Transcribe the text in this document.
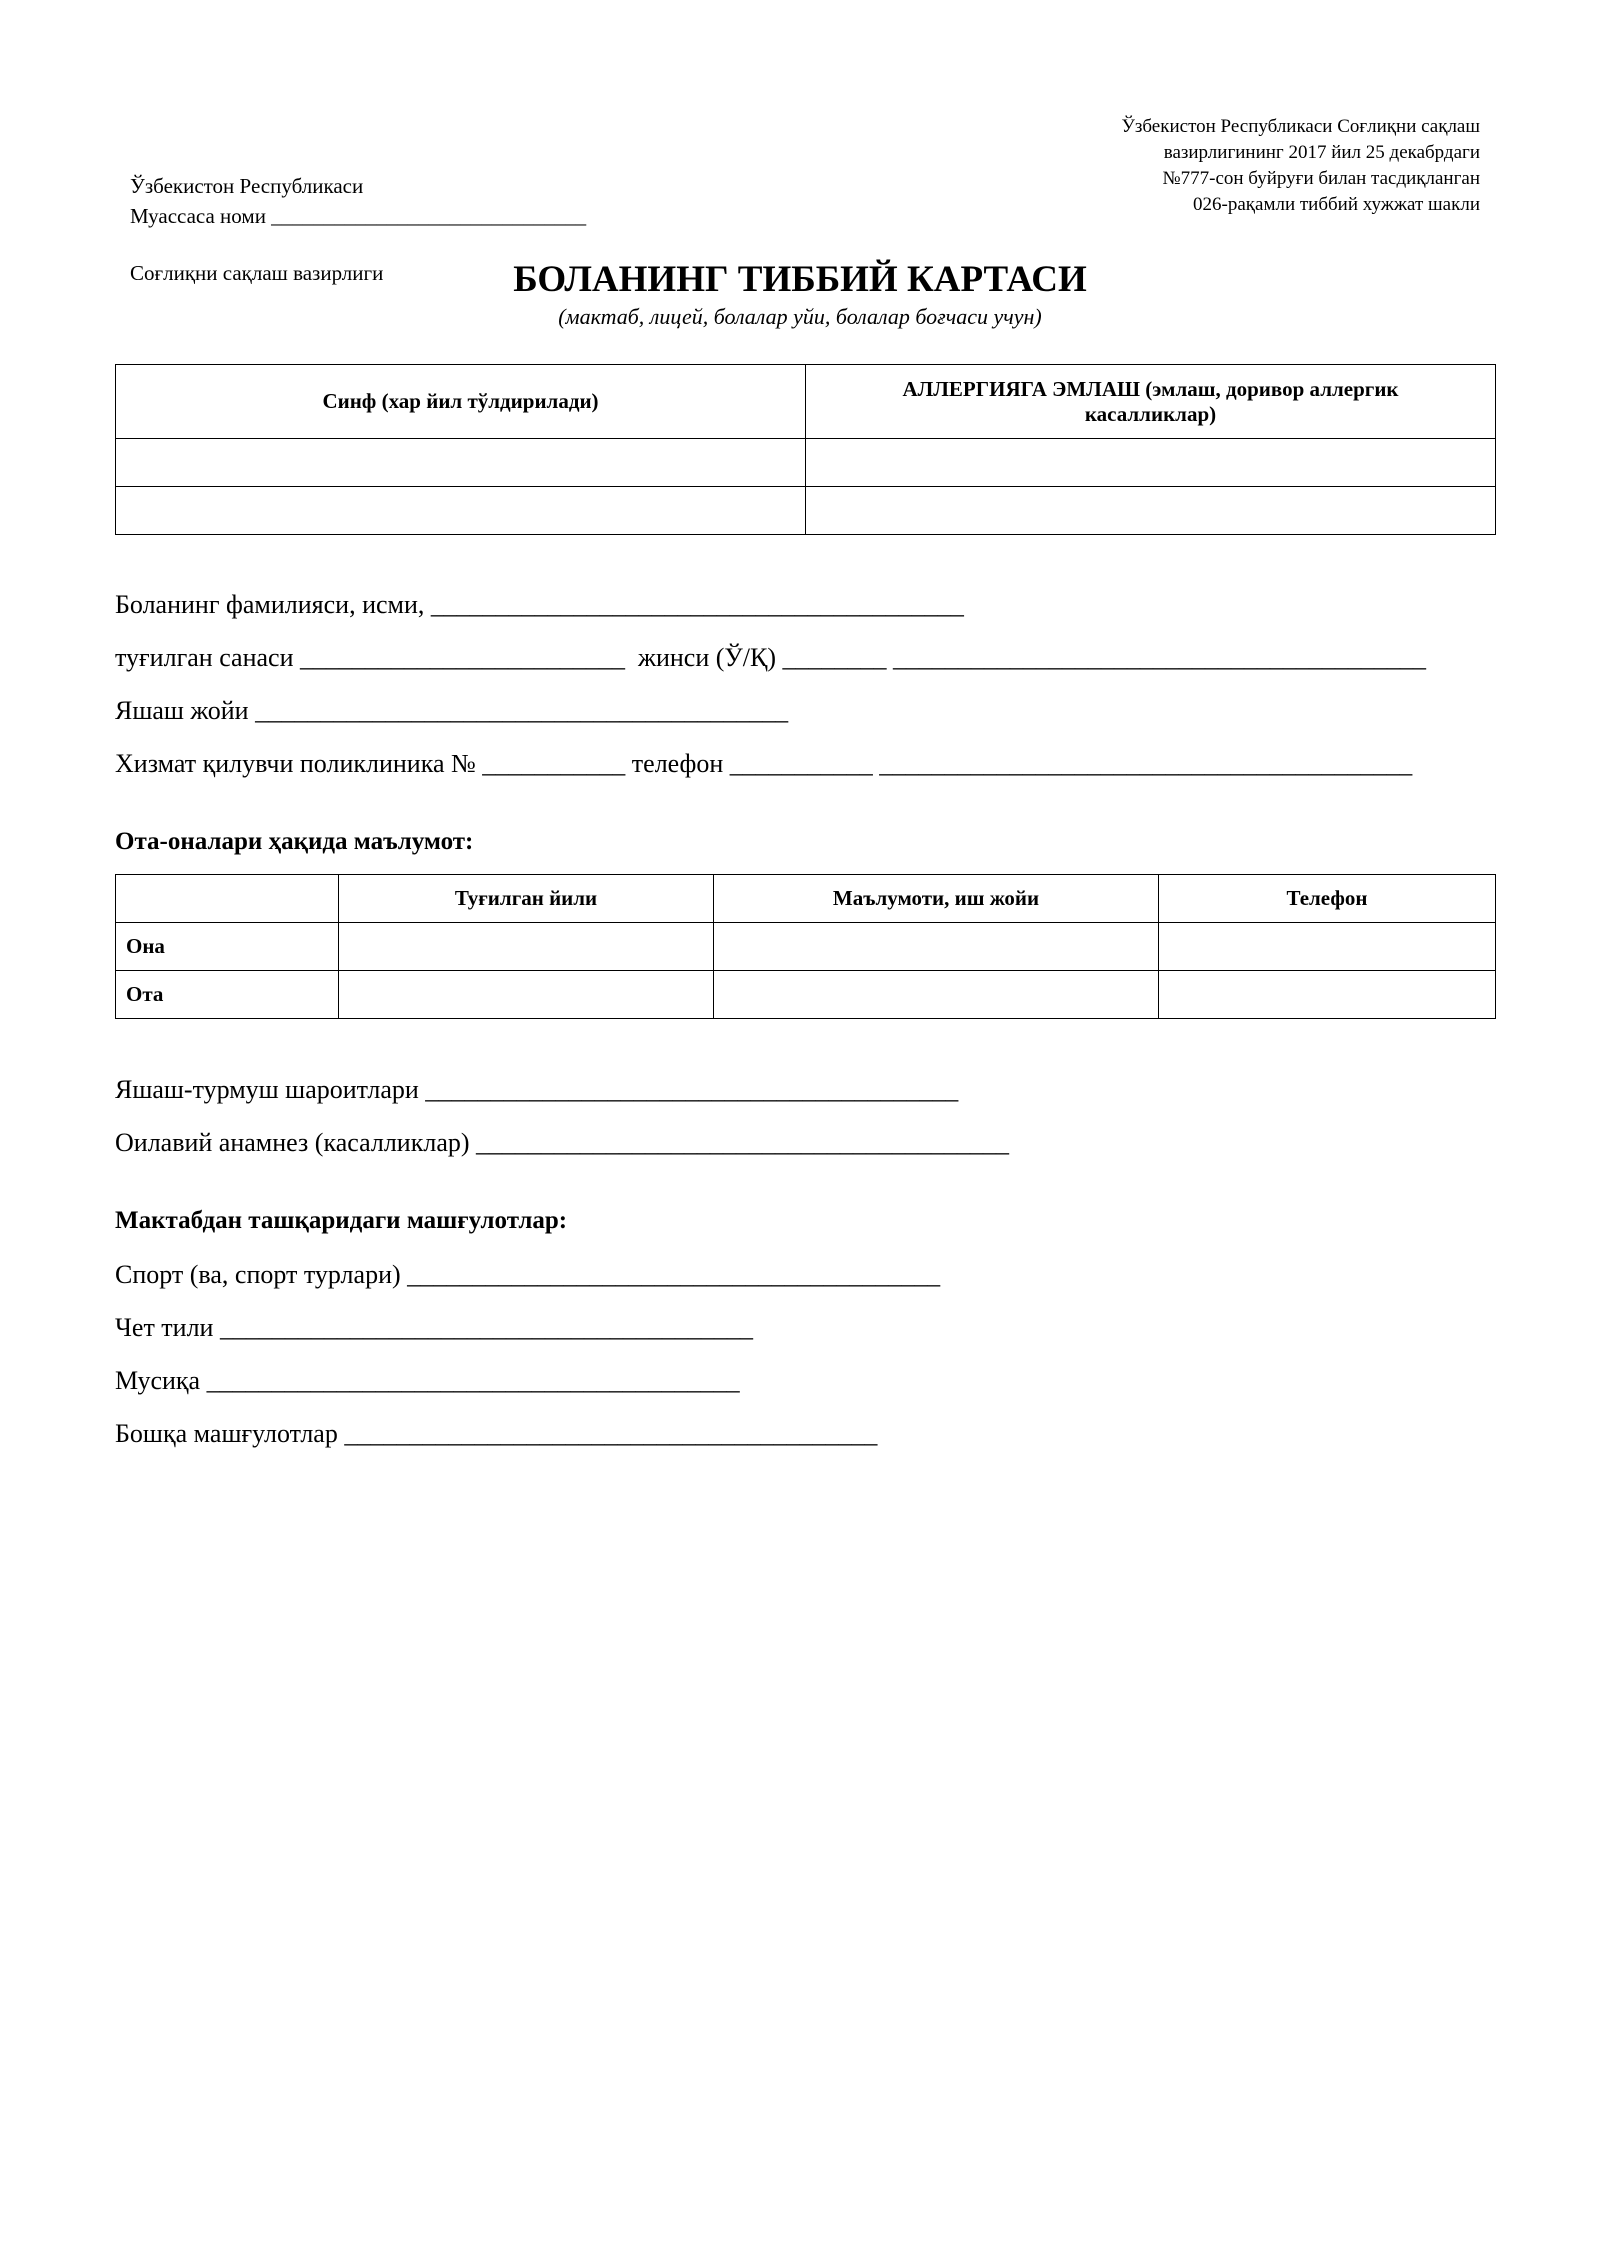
Ўзбекистон Республикаси

Соғлиқни сақлаш вазирлиги

Муассаса номи ______________________________
Ўзбекистон Республикаси Соғлиқни сақлаш
вазирлигининг 2017 йил 25 декабрдаги
№777-сон буйруғи билан тасдиқланган
026-рақамли тиббий хужжат шакли
БОЛАНИНГ ТИББИЙ КАРТАСИ
(мактаб, лицей, болалар уйи, болалар боғчаси учун)
Синф (хар йил тўлдирилади)	АЛЛЕРГИЯГА ЭМЛАШ (эмлаш, доривор аллергик касалликлар)

Боланинг фамилияси, исми, _________________________________________
туғилган санаси _________________________  жинси (Ў/Қ) ________ _________________________________________
Яшаш жойи _________________________________________
Хизмат қилувчи поликлиника № ___________ телефон ___________ _________________________________________
Ота-оналари ҳақида маълумот:
	Туғилган йили	Маълумоти, иш жойи	Телефон
Она			
Ота			
Яшаш-турмуш шароитлари _________________________________________
Оилавий анамнез (касалликлар) _________________________________________
Мактабдан ташқаридаги машғулотлар:
Спорт (ва, спорт турлари) _________________________________________
Чет тили _________________________________________
Мусиқа _________________________________________
Бошқа машғулотлар _________________________________________
